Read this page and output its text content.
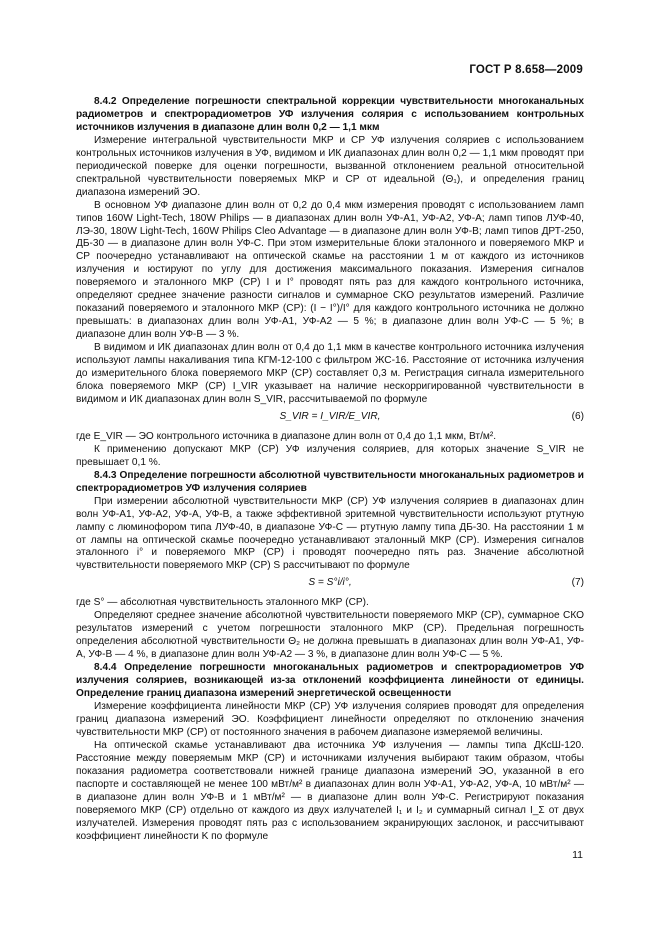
ГОСТ Р 8.658—2009

8.4.2 Определение погрешности спектральной коррекции чувствительности многоканальных радиометров и спектрорадиометров УФ излучения солярия с использованием контрольных источников излучения в диапазоне длин волн 0,2 — 1,1 мкм

Измерение интегральной чувствительности МКР и СР УФ излучения соляриев с использованием контрольных источников излучения в УФ, видимом и ИК диапазонах длин волн 0,2 — 1,1 мкм проводят при периодической поверке для оценки погрешности, вызванной отклонением реальной относительной спектральной чувствительности поверяемых МКР и СР от идеальной (Θ₁), и определения границ диапазона измерений ЭО.

В основном УФ диапазоне длин волн от 0,2 до 0,4 мкм измерения проводят с использованием ламп типов 160W Light-Tech, 180W Philips — в диапазонах длин волн УФ-А1, УФ-А2, УФ-А; ламп типов ЛУФ-40, ЛЭ-30, 180W Light-Tech, 160W Philips Cleo Advantage — в диапазоне длин волн УФ-В; ламп типов ДРТ-250, ДБ-30 — в диапазоне длин волн УФ-С. При этом измерительные блоки эталонного и поверяемого МКР и СР поочередно устанавливают на оптической скамье на расстоянии 1 м от каждого из источников излучения и юстируют по углу для достижения максимального показания. Измерения сигналов поверяемого и эталонного МКР (СР) I и I° проводят пять раз для каждого контрольного источника, определяют среднее значение разности сигналов и суммарное СКО результатов измерений. Различие показаний поверяемого и эталонного МКР (СР): (I − I°)/I° для каждого контрольного источника не должно превышать: в диапазонах длин волн УФ-А1, УФ-А2 — 5 %; в диапазоне длин волн УФ-С — 5 %; в диапазоне длин волн УФ-В — 3 %.

В видимом и ИК диапазонах длин волн от 0,4 до 1,1 мкм в качестве контрольного источника излучения используют лампы накаливания типа КГМ-12-100 с фильтром ЖС-16. Расстояние от источника излучения до измерительного блока поверяемого МКР (СР) составляет 0,3 м. Регистрация сигнала измерительного блока поверяемого МКР (СР) I_VIR указывает на наличие нескорригированной чувствительности в видимом и ИК диапазонах длин волн S_VIR, рассчитываемой по формуле

S_VIR = I_VIR/E_VIR,	(6)

где E_VIR — ЭО контрольного источника в диапазоне длин волн от 0,4 до 1,1 мкм, Вт/м².

К применению допускают МКР (СР) УФ излучения соляриев, для которых значение S_VIR не превышает 0,1 %.

8.4.3 Определение погрешности абсолютной чувствительности многоканальных радиометров и спектрорадиометров УФ излучения соляриев

При измерении абсолютной чувствительности МКР (СР) УФ излучения соляриев в диапазонах длин волн УФ-А1, УФ-А2, УФ-А, УФ-В, а также эффективной эритемной чувствительности используют ртутную лампу с люминофором типа ЛУФ-40, в диапазоне УФ-С — ртутную лампу типа ДБ-30. На расстоянии 1 м от лампы на оптической скамье поочередно устанавливают эталонный МКР (СР). Измерения сигналов эталонного i° и поверяемого МКР (СР) i проводят поочередно пять раз. Значение абсолютной чувствительности поверяемого МКР (СР) S рассчитывают по формуле

S = S°i/i°,	(7)

где S° — абсолютная чувствительность эталонного МКР (СР).

Определяют среднее значение абсолютной чувствительности поверяемого МКР (СР), суммарное СКО результатов измерений с учетом погрешности эталонного МКР (СР). Предельная погрешность определения абсолютной чувствительности Θ₂ не должна превышать в диапазонах длин волн УФ-А1, УФ-А, УФ-В — 4 %, в диапазоне длин волн УФ-А2 — 3 %, в диапазоне длин волн УФ-С — 5 %.

8.4.4 Определение погрешности многоканальных радиометров и спектрорадиометров УФ излучения соляриев, возникающей из-за отклонений коэффициента линейности от единицы. Определение границ диапазона измерений энергетической освещенности

Измерение коэффициента линейности МКР (СР) УФ излучения соляриев проводят для определения границ диапазона измерений ЭО. Коэффициент линейности определяют по отклонению значения чувствительности МКР (СР) от постоянного значения в рабочем диапазоне измеряемой величины.

На оптической скамье устанавливают два источника УФ излучения — лампы типа ДКсШ-120. Расстояние между поверяемым МКР (СР) и источниками излучения выбирают таким образом, чтобы показания радиометра соответствовали нижней границе диапазона измерений ЭО, указанной в его паспорте и составляющей не менее 100 мВт/м² в диапазонах длин волн УФ-А1, УФ-А2, УФ-А, 10 мВт/м² — в диапазоне длин волн УФ-В и 1 мВт/м² — в диапазоне длин волн УФ-С. Регистрируют показания поверяемого МКР (СР) отдельно от каждого из двух излучателей I₁ и I₂ и суммарный сигнал I_Σ от двух излучателей. Измерения проводят пять раз с использованием экранирующих заслонок, и рассчитывают коэффициент линейности K по формуле

11
